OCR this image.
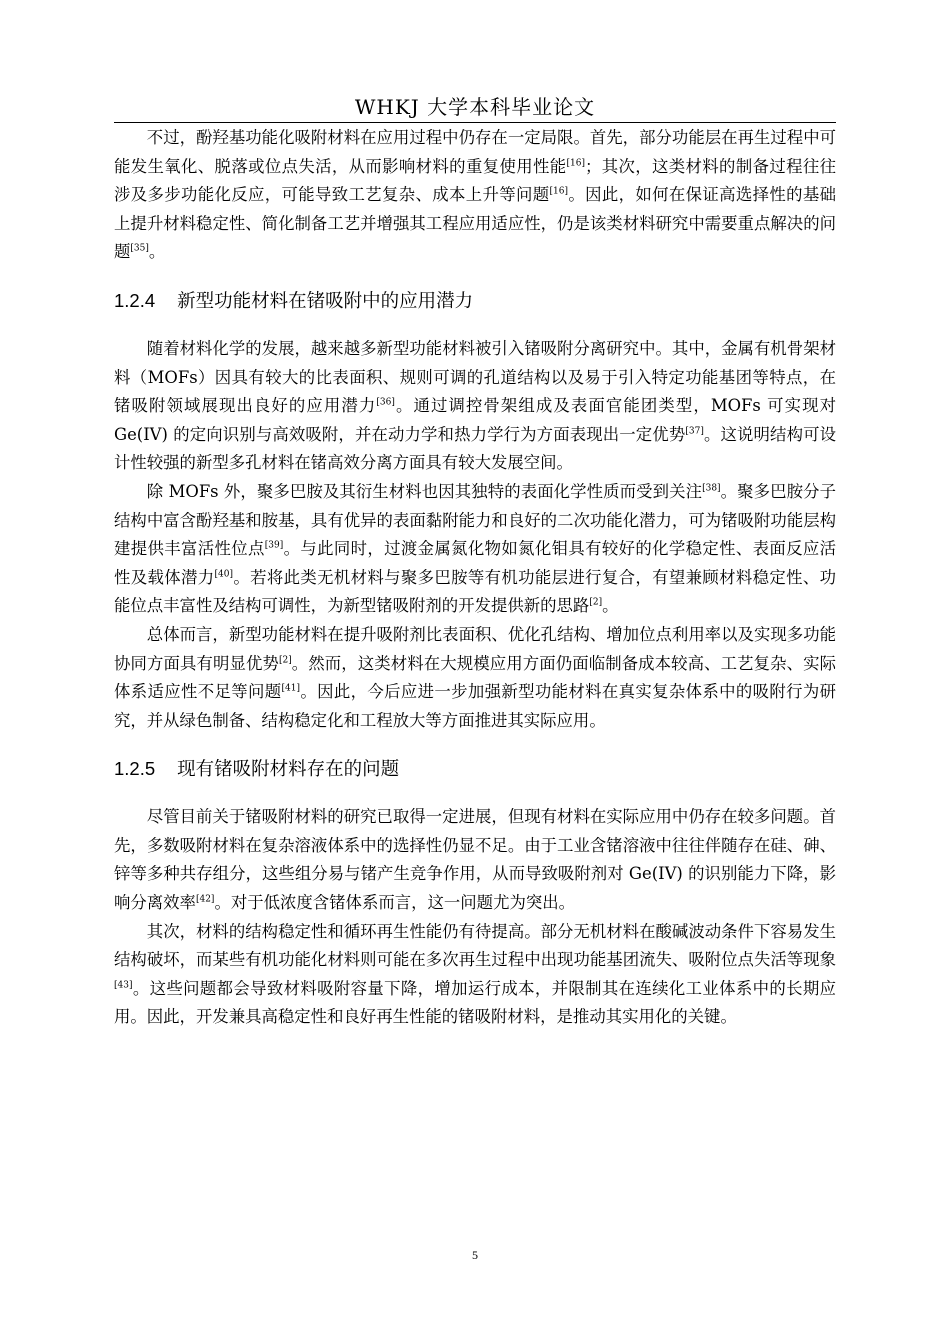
WHKJ 大学本科毕业论文

不过，酚羟基功能化吸附材料在应用过程中仍存在一定局限。首先，部分功能层在再生过程中可能发生氧化、脱落或位点失活，从而影响材料的重复使用性能[16]；其次，这类材料的制备过程往往涉及多步功能化反应，可能导致工艺复杂、成本上升等问题[16]。因此，如何在保证高选择性的基础上提升材料稳定性、简化制备工艺并增强其工程应用适应性，仍是该类材料研究中需要重点解决的问题[35]。

1.2.4 新型功能材料在锗吸附中的应用潜力

随着材料化学的发展，越来越多新型功能材料被引入锗吸附分离研究中。其中，金属有机骨架材料（MOFs）因具有较大的比表面积、规则可调的孔道结构以及易于引入特定功能基团等特点，在锗吸附领域展现出良好的应用潜力[36]。通过调控骨架组成及表面官能团类型，MOFs 可实现对 Ge(IV) 的定向识别与高效吸附，并在动力学和热力学行为方面表现出一定优势[37]。这说明结构可设计性较强的新型多孔材料在锗高效分离方面具有较大发展空间。

除 MOFs 外，聚多巴胺及其衍生材料也因其独特的表面化学性质而受到关注[38]。聚多巴胺分子结构中富含酚羟基和胺基，具有优异的表面黏附能力和良好的二次功能化潜力，可为锗吸附功能层构建提供丰富活性位点[39]。与此同时，过渡金属氮化物如氮化钼具有较好的化学稳定性、表面反应活性及载体潜力[40]。若将此类无机材料与聚多巴胺等有机功能层进行复合，有望兼顾材料稳定性、功能位点丰富性及结构可调性，为新型锗吸附剂的开发提供新的思路[2]。

总体而言，新型功能材料在提升吸附剂比表面积、优化孔结构、增加位点利用率以及实现多功能协同方面具有明显优势[2]。然而，这类材料在大规模应用方面仍面临制备成本较高、工艺复杂、实际体系适应性不足等问题[41]。因此，今后应进一步加强新型功能材料在真实复杂体系中的吸附行为研究，并从绿色制备、结构稳定化和工程放大等方面推进其实际应用。

1.2.5 现有锗吸附材料存在的问题

尽管目前关于锗吸附材料的研究已取得一定进展，但现有材料在实际应用中仍存在较多问题。首先，多数吸附材料在复杂溶液体系中的选择性仍显不足。由于工业含锗溶液中往往伴随存在硅、砷、锌等多种共存组分，这些组分易与锗产生竞争作用，从而导致吸附剂对 Ge(IV) 的识别能力下降，影响分离效率[42]。对于低浓度含锗体系而言，这一问题尤为突出。

其次，材料的结构稳定性和循环再生性能仍有待提高。部分无机材料在酸碱波动条件下容易发生结构破坏，而某些有机功能化材料则可能在多次再生过程中出现功能基团流失、吸附位点失活等现象[43]。这些问题都会导致材料吸附容量下降，增加运行成本，并限制其在连续化工业体系中的长期应用。因此，开发兼具高稳定性和良好再生性能的锗吸附材料，是推动其实用化的关键。

5
